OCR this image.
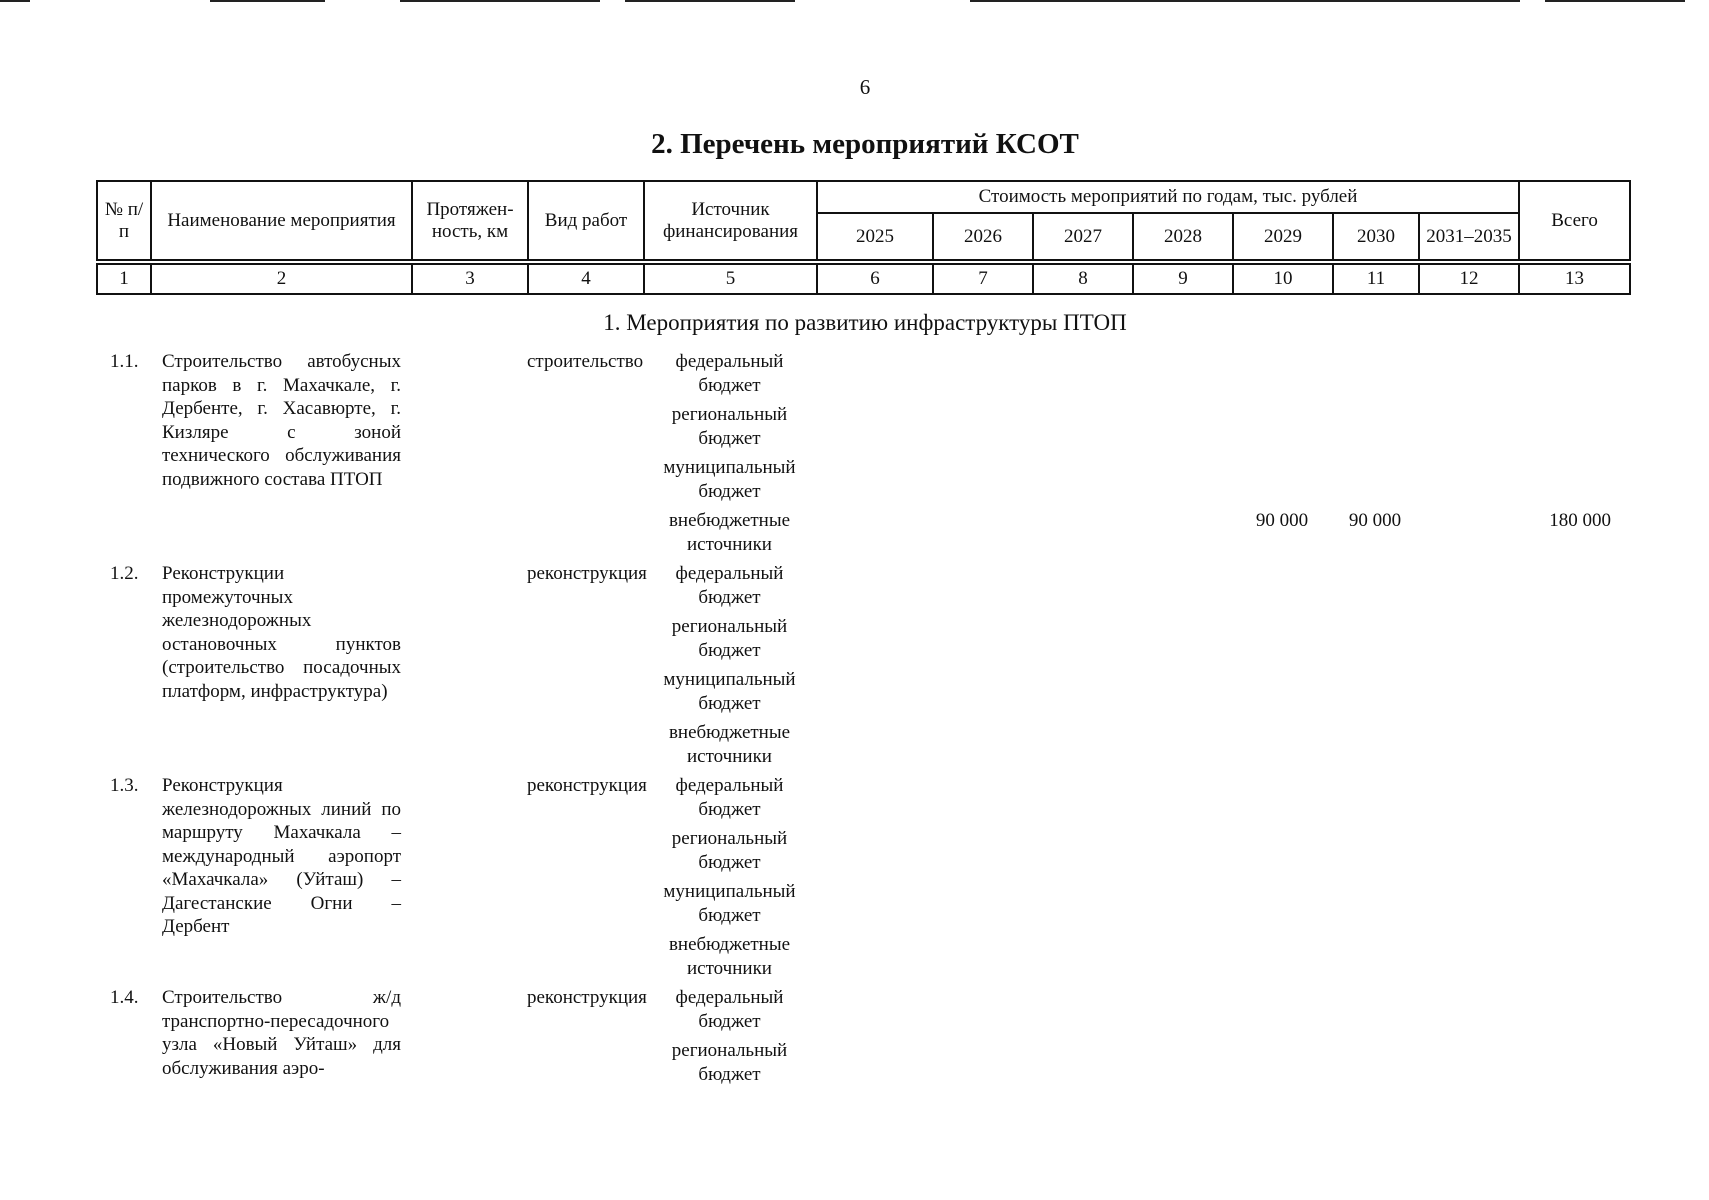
6
2. Перечень мероприятий КСОТ
№ п/п	Наименование мероприятия	Протяжен-ность, км	Вид работ	Источник финансирования	Стоимость мероприятий по годам, тыс. рублей							Всего
					2025	2026	2027	2028	2029	2030	2031–2035	
1	2	3	4	5	6	7	8	9	10	11	12	13
1. Мероприятия по развитию инфраструктуры ПТОП
1.1.	Строительство автобусных парков в г. Махачкале, г. Дербенте, г. Хасавюрте, г. Кизляре с зоной технического обслуживания подвижного состава ПТОП		строительство	федеральный бюджет								
				региональный бюджет								
				муниципальный бюджет								
				внебюджетные источники					90 000	90 000		180 000
1.2.	Реконструкции промежуточных железнодорожных остановочных пунктов (строительство посадочных платформ, инфраструктура)		реконструкция	федеральный бюджет								
				региональный бюджет								
				муниципальный бюджет								
				внебюджетные источники								
1.3.	Реконструкция железнодорожных линий по маршруту Махачкала – международный аэропорт «Махачкала» (Уйташ) – Дагестанские Огни – Дербент		реконструкция	федеральный бюджет								
				региональный бюджет								
				муниципальный бюджет								
				внебюджетные источники								
1.4.	Строительство ж/д транспортно-пересадочного узла «Новый Уйташ» для обслуживания аэро-		реконструкция	федеральный бюджет								
				региональный бюджет								
